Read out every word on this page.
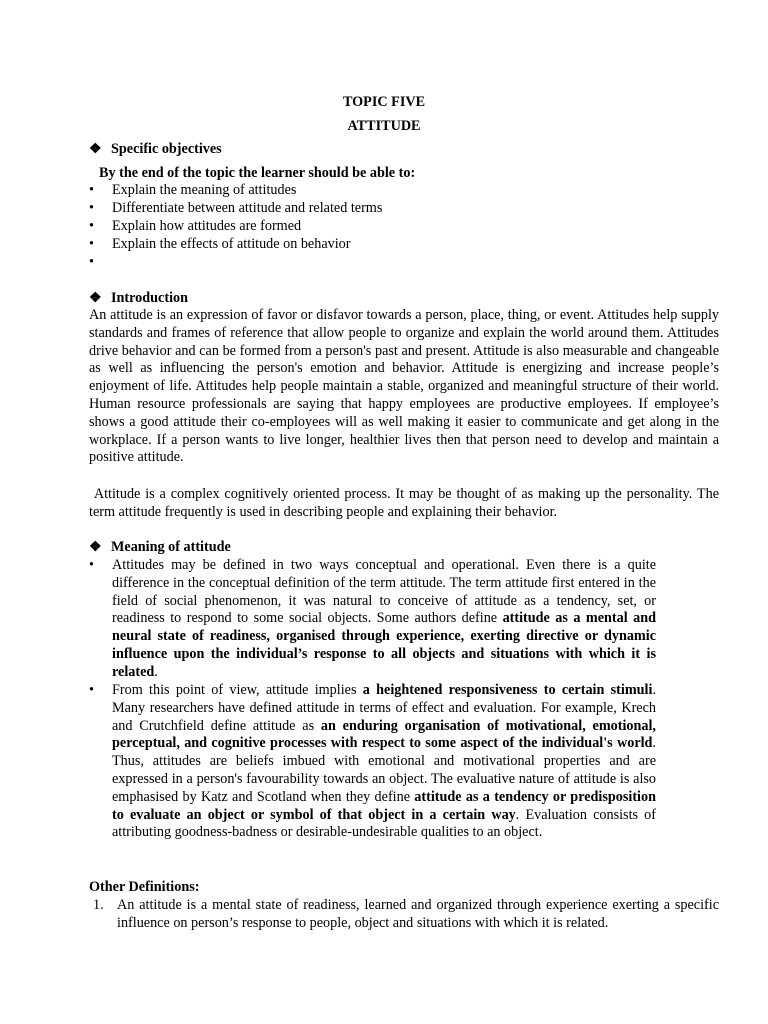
TOPIC FIVE
ATTITUDE
❖ Specific objectives
By the end of the topic the learner should be able to:
•	Explain the meaning of attitudes
•	Differentiate between attitude and related terms
•	Explain how attitudes are formed
•	Explain the effects of attitude on behavior
•
❖ Introduction
An attitude is an expression of favor or disfavor towards a person, place, thing, or event. Attitudes help supply standards and frames of reference that allow people to organize and explain the world around them. Attitudes drive behavior and can be formed from a person's past and present. Attitude is also measurable and changeable as well as influencing the person's emotion and behavior. Attitude is energizing and increase people’s enjoyment of life. Attitudes help people maintain a stable, organized and meaningful structure of their world. Human resource professionals are saying that happy employees are productive employees. If employee’s shows a good attitude their co-employees will as well making it easier to communicate and get along in the workplace. If a person wants to live longer, healthier lives then that person need to develop and maintain a positive attitude.
Attitude is a complex cognitively oriented process. It may be thought of as making up the personality. The term attitude frequently is used in describing people and explaining their behavior.
❖ Meaning of attitude
• Attitudes may be defined in two ways conceptual and operational. Even there is a quite difference in the conceptual definition of the term attitude. The term attitude first entered in the field of social phenomenon, it was natural to conceive of attitude as a tendency, set, or readiness to respond to some social objects. Some authors define attitude as a mental and neural state of readiness, organised through experience, exerting directive or dynamic influence upon the individual’s response to all objects and situations with which it is related.
• From this point of view, attitude implies a heightened responsiveness to certain stimuli. Many researchers have defined attitude in terms of effect and evaluation. For example, Krech and Crutchfield define attitude as an enduring organisation of motivational, emotional, perceptual, and cognitive processes with respect to some aspect of the individual's world. Thus, attitudes are beliefs imbued with emotional and motivational properties and are expressed in a person's favourability towards an object. The evaluative nature of attitude is also emphasised by Katz and Scotland when they define attitude as a tendency or predisposition to evaluate an object or symbol of that object in a certain way. Evaluation consists of attributing goodness-badness or desirable-undesirable qualities to an object.
Other Definitions:
1. An attitude is a mental state of readiness, learned and organized through experience exerting a specific influence on person’s response to people, object and situations with which it is related.
